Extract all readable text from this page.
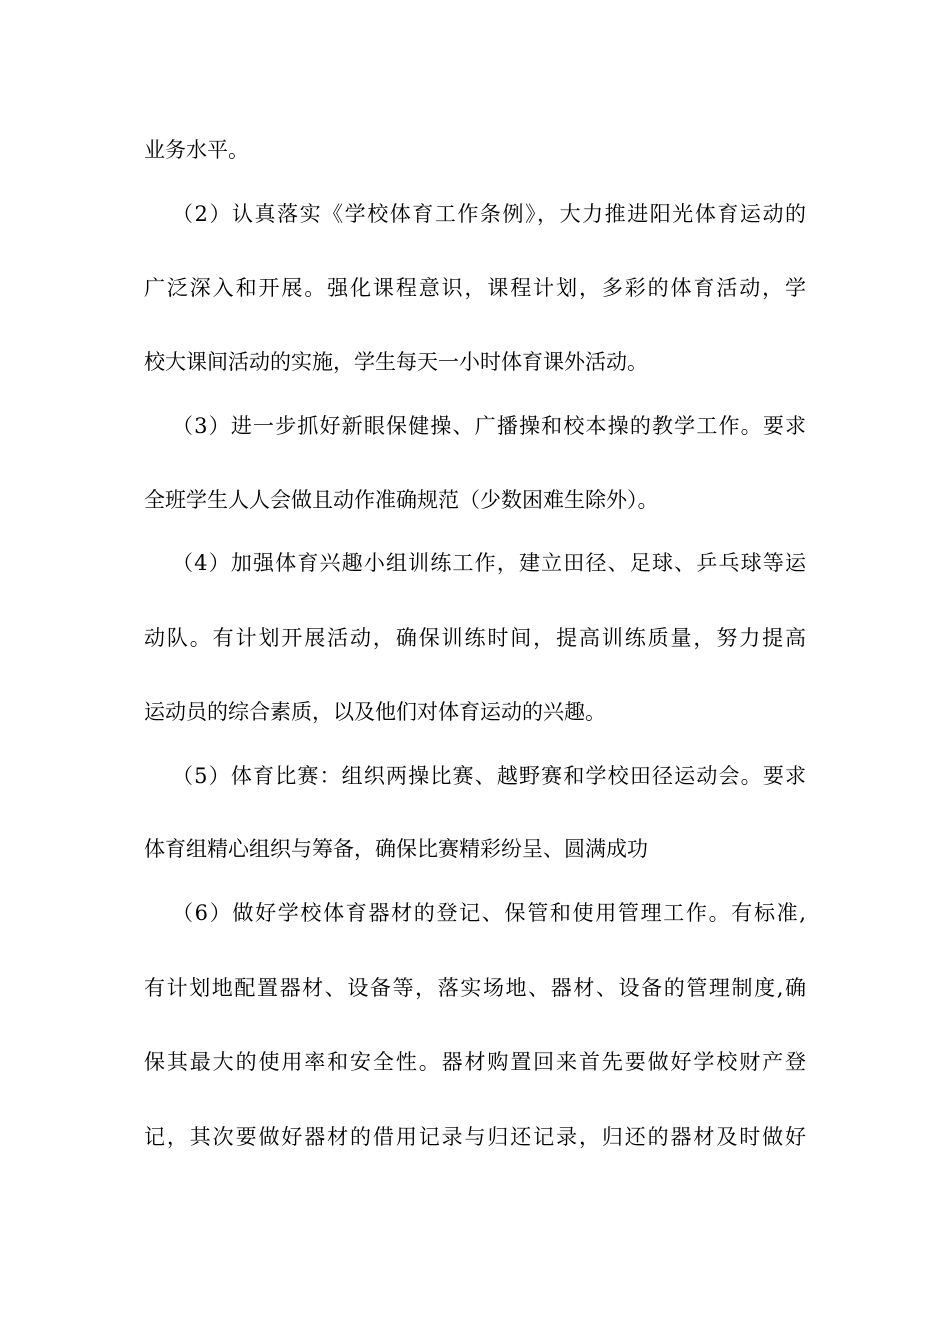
业务水平。
（2）认真落实《学校体育工作条例》，大力推进阳光体育运动的
广泛深入和开展。强化课程意识，课程计划，多彩的体育活动，学
校大课间活动的实施，学生每天一小时体育课外活动。
（3）进一步抓好新眼保健操、广播操和校本操的教学工作。要求
全班学生人人会做且动作准确规范（少数困难生除外）。
（4）加强体育兴趣小组训练工作，建立田径、足球、乒乓球等运
动队。有计划开展活动，确保训练时间，提高训练质量，努力提高
运动员的综合素质，以及他们对体育运动的兴趣。
（5）体育比赛：组织两操比赛、越野赛和学校田径运动会。要求
体育组精心组织与筹备，确保比赛精彩纷呈、圆满成功
（6）做好学校体育器材的登记、保管和使用管理工作。有标准,
有计划地配置器材、设备等，落实场地、器材、设备的管理制度,确
保其最大的使用率和安全性。器材购置回来首先要做好学校财产登
记，其次要做好器材的借用记录与归还记录，归还的器材及时做好
